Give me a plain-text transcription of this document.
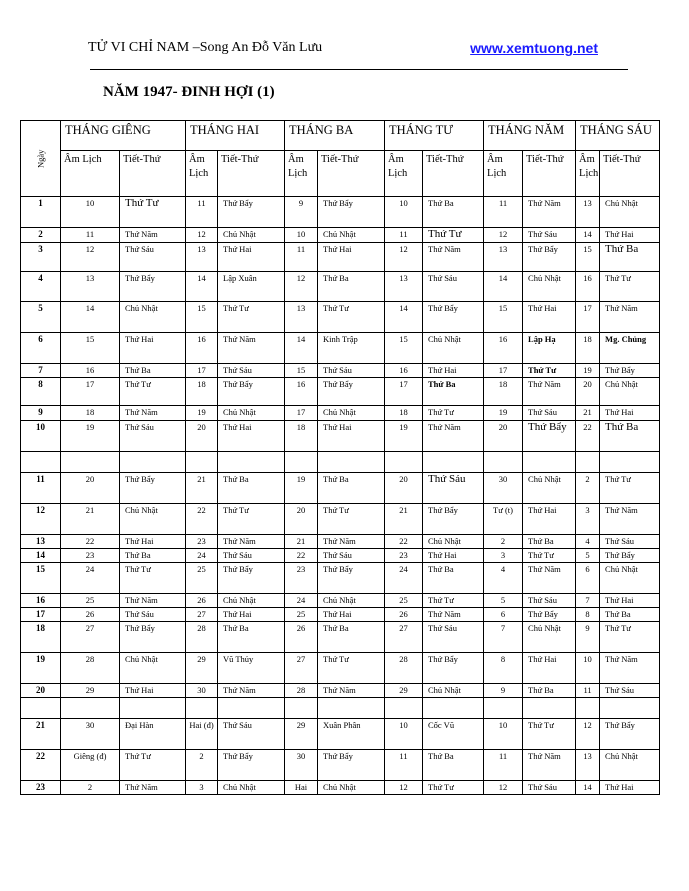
TỬ VI CHỈ NAM –Song An Đỗ Văn Lưu	www.xemtuong.net
NĂM 1947- ĐINH HỢI (1)
Ngày	THÁNG GIÊNG		THÁNG HAI		THÁNG BA		THÁNG TƯ		THÁNG NĂM		THÁNG SÁU	
	Âm Lịch	Tiết-Thứ	Âm Lịch	Tiết-Thứ	Âm Lịch	Tiết-Thứ	Âm Lịch	Tiết-Thứ	Âm Lịch	Tiết-Thứ	Âm Lịch	Tiết-Thứ
1	10	Thứ Tư	11	Thứ Bẩy	9	Thứ Bẩy	10	Thứ Ba	11	Thứ Năm	13	Chủ Nhật
2	11	Thứ Năm	12	Chủ Nhật	10	Chủ Nhật	11	Thứ Tư	12	Thứ Sáu	14	Thứ Hai
3	12	Thứ Sáu	13	Thứ Hai	11	Thứ Hai	12	Thứ Năm	13	Thứ Bẩy	15	Thứ Ba
4	13	Thứ Bẩy	14	Lập Xuân	12	Thứ Ba	13	Thứ Sáu	14	Chủ Nhật	16	Thứ Tư
5	14	Chủ Nhật	15	Thứ Tư	13	Thứ Tư	14	Thứ Bẩy	15	Thứ Hai	17	Thứ Năm
6	15	Thứ Hai	16	Thứ Năm	14	Kinh Trập	15	Chủ Nhật	16	Lập Hạ	18	Mg. Chủng
7	16	Thứ Ba	17	Thứ Sáu	15	Thứ Sáu	16	Thứ Hai	17	Thứ Tư	19	Thứ Bẩy
8	17	Thứ Tư	18	Thứ Bẩy	16	Thứ Bẩy	17	Thứ Ba	18	Thứ Năm	20	Chủ Nhật
9	18	Thứ Năm	19	Chủ Nhật	17	Chủ Nhật	18	Thứ Tư	19	Thứ Sáu	21	Thứ Hai
10	19	Thứ Sáu	20	Thứ Hai	18	Thứ Hai	19	Thứ Năm	20	Thứ Bẩy	22	Thứ Ba

11	20	Thứ Bẩy	21	Thứ Ba	19	Thứ Ba	20	Thứ Sáu	30	Chủ Nhật	2	Thứ Tư
12	21	Chủ Nhật	22	Thứ Tư	20	Thứ Tư	21	Thứ Bẩy	Tư (t)	Thứ Hai	3	Thứ Năm
13	22	Thứ Hai	23	Thứ Năm	21	Thứ Năm	22	Chủ Nhật	2	Thứ Ba	4	Thứ Sáu
14	23	Thứ Ba	24	Thứ Sáu	22	Thứ Sáu	23	Thứ Hai	3	Thứ Tư	5	Thứ Bẩy
15	24	Thứ Tư	25	Thứ Bẩy	23	Thứ Bẩy	24	Thứ Ba	4	Thứ Năm	6	Chủ Nhật
16	25	Thứ Năm	26	Chủ Nhật	24	Chủ Nhật	25	Thứ Tư	5	Thứ Sáu	7	Thứ Hai
17	26	Thứ Sáu	27	Thứ Hai	25	Thứ Hai	26	Thứ Năm	6	Thứ Bẩy	8	Thứ Ba
18	27	Thứ Bẩy	28	Thứ Ba	26	Thứ Ba	27	Thứ Sáu	7	Chủ Nhật	9	Thứ Tư
19	28	Chủ Nhật	29	Vũ Thủy	27	Thứ Tư	28	Thứ Bẩy	8	Thứ Hai	10	Thứ Năm
20	29	Thứ Hai	30	Thứ Năm	28	Thứ Năm	29	Chủ Nhật	9	Thứ Ba	11	Thứ Sáu

21	30	Đại Hàn	Hai (đ)	Thứ Sáu	29	Xuân Phân	10	Cốc Vũ	10	Thứ Tư	12	Thứ Bẩy
22	Giêng (đ)	Thứ Tư	2	Thứ Bẩy	30	Thứ Bẩy	11	Thứ Ba	11	Thứ Năm	13	Chủ Nhật
23	2	Thứ Năm	3	Chủ Nhật	Hai	Chủ Nhật	12	Thứ Tư	12	Thứ Sáu	14	Thứ Hai
